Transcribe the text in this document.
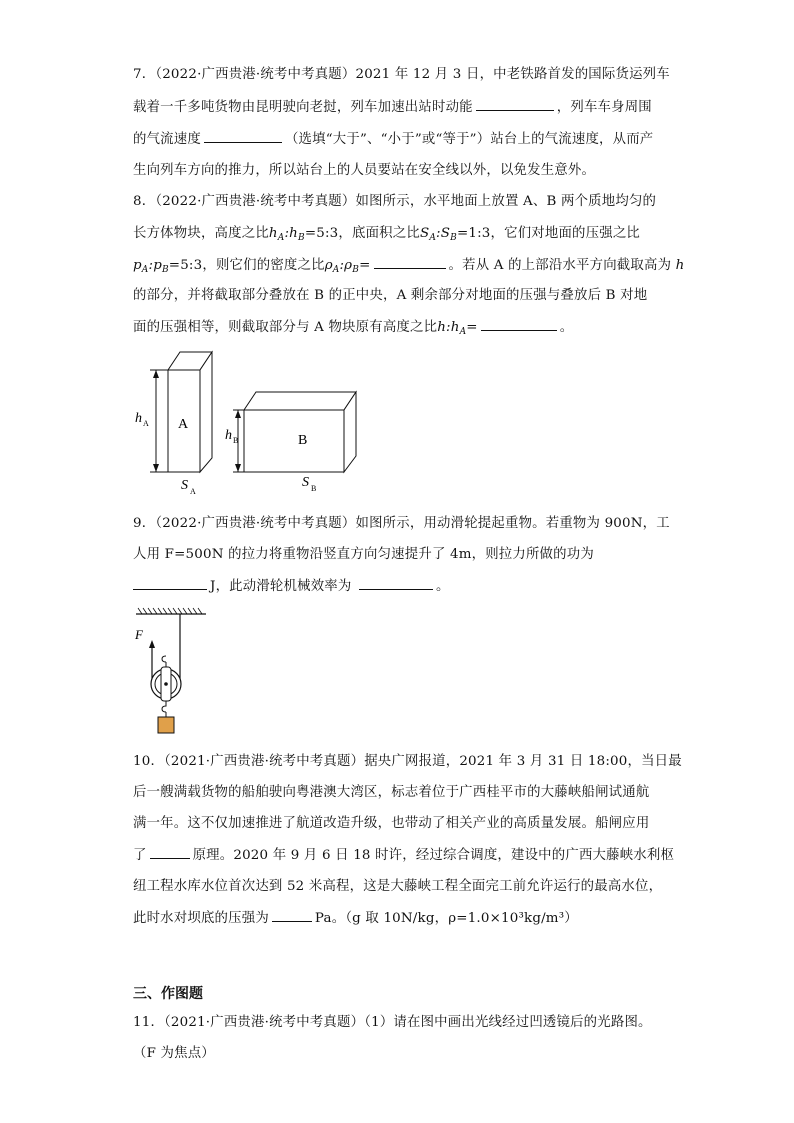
7．（2022·广西贵港·统考中考真题）2021 年 12 月 3 日，中老铁路首发的国际货运列车
载着一千多吨货物由昆明驶向老挝，列车加速出站时动能	，列车车身周围
的气流速度	（选填“大于”、“小于”或“等于”）站台上的气流速度，从而产
生向列车方向的推力，所以站台上的人员要站在安全线以外，以免发生意外。
8．（2022·广西贵港·统考中考真题）如图所示，水平地面上放置 A、B 两个质地均匀的
长方体物块，高度之比$h_A:h_B=5:3$，底面积之比$S_A:S_B=1:3$，它们对地面的压强之比
$p_A:p_B=5:3$，则它们的密度之比$\rho_A:\rho_B=$	。若从 A 的上部沿水平方向截取高为 h
的部分，并将截取部分叠放在 B 的正中央，A 剩余部分对地面的压强与叠放后 B 对地
面的压强相等，则截取部分与 A 物块原有高度之比$h:h_A=$	。
A
h A
S A
B
h B
S B
9．（2022·广西贵港·统考中考真题）如图所示，用动滑轮提起重物。若重物为 900N，工
人用 F=500N 的拉力将重物沿竖直方向匀速提升了 4m，则拉力所做的功为
J，此动滑轮机械效率为	。
F
10．（2021·广西贵港·统考中考真题）据央广网报道，2021 年 3 月 31 日 18:00，当日最
后一艘满载货物的船舶驶向粤港澳大湾区，标志着位于广西桂平市的大藤峡船闸试通航
满一年。这不仅加速推进了航道改造升级，也带动了相关产业的高质量发展。船闸应用
了	原理。2020 年 9 月 6 日 18 时许，经过综合调度，建设中的广西大藤峡水利枢
纽工程水库水位首次达到 52 米高程，这是大藤峡工程全面完工前允许运行的最高水位，
此时水对坝底的压强为	Pa。（g 取 10N/kg，ρ=1.0×10³kg/m³）
三、作图题
11．（2021·广西贵港·统考中考真题）（1）请在图中画出光线经过凹透镜后的光路图。
（F 为焦点）
